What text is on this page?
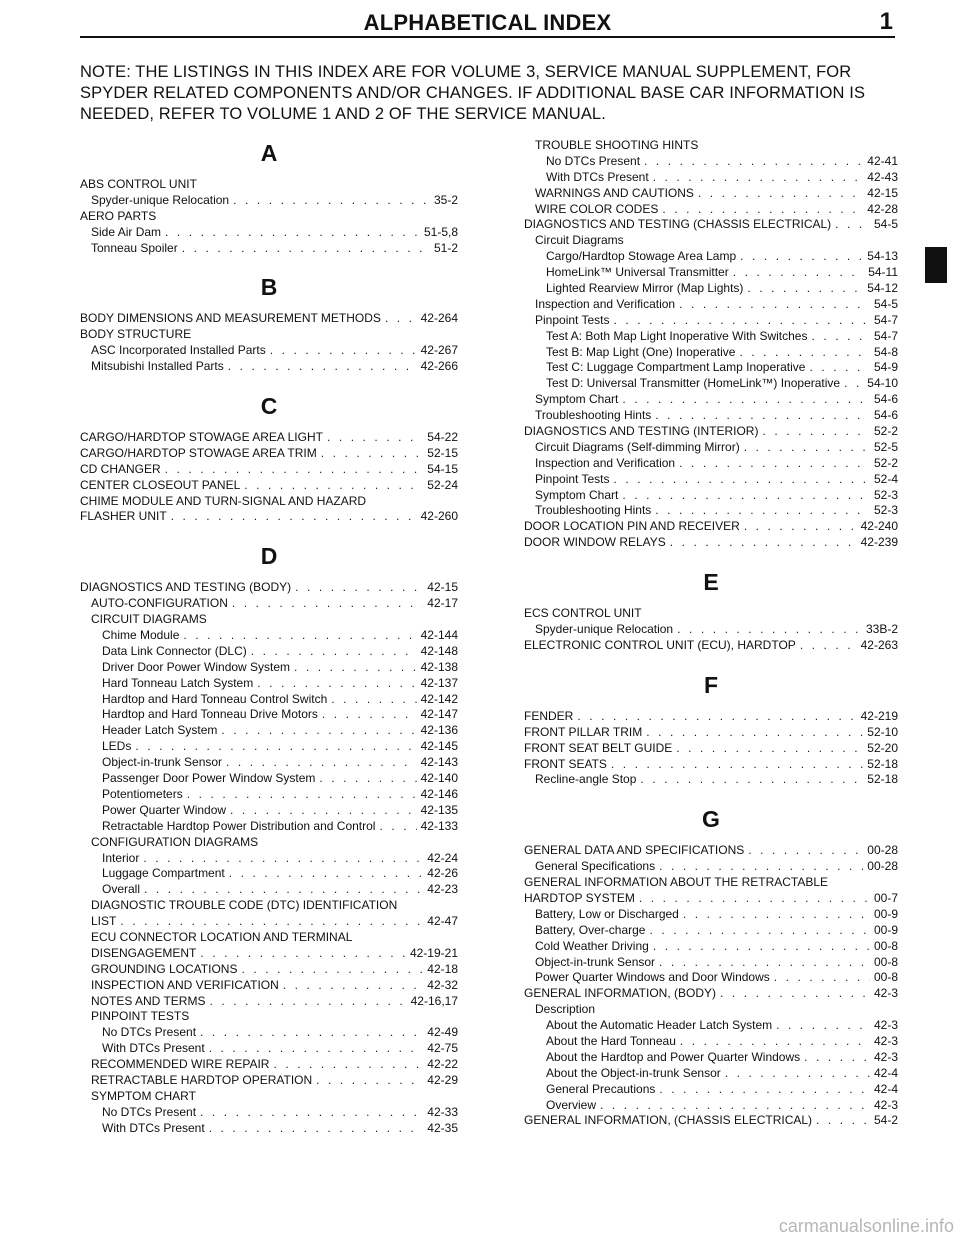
ALPHABETICAL INDEX	1
NOTE: THE LISTINGS IN THIS INDEX ARE FOR VOLUME 3, SERVICE MANUAL SUPPLEMENT, FOR SPYDER RELATED COMPONENTS AND/OR CHANGES. IF ADDITIONAL BASE CAR INFORMATION IS NEEDED, REFER TO VOLUME 1 AND 2 OF THE SERVICE MANUAL.
A
ABS CONTROL UNIT
Spyder-unique Relocation . . .	35-2
AERO PARTS
Side Air Dam . . .	51-5,8
Tonneau Spoiler . . .	51-2
B
BODY DIMENSIONS AND MEASUREMENT METHODS . . .	42-264
BODY STRUCTURE
ASC Incorporated Installed Parts . . .	42-267
Mitsubishi Installed Parts . . .	42-266
C
CARGO/HARDTOP STOWAGE AREA LIGHT . . .	54-22
CARGO/HARDTOP STOWAGE AREA TRIM . . .	52-15
CD CHANGER . . .	54-15
CENTER CLOSEOUT PANEL . . .	52-24
CHIME MODULE AND TURN-SIGNAL AND HAZARD
FLASHER UNIT . . .	42-260
D
DIAGNOSTICS AND TESTING (BODY) . . .	42-15
AUTO-CONFIGURATION . . .	42-17
CIRCUIT DIAGRAMS
Chime Module . . .	42-144
Data Link Connector (DLC) . . .	42-148
Driver Door Power Window System . . .	42-138
Hard Tonneau Latch System . . .	42-137
Hardtop and Hard Tonneau Control Switch . . .	42-142
Hardtop and Hard Tonneau Drive Motors . . .	42-147
Header Latch System . . .	42-136
LEDs . . .	42-145
Object-in-trunk Sensor . . .	42-143
Passenger Door Power Window System . . .	42-140
Potentiometers . . .	42-146
Power Quarter Window . . .	42-135
Retractable Hardtop Power Distribution and Control . . .	42-133
CONFIGURATION DIAGRAMS
Interior . . .	42-24
Luggage Compartment . . .	42-26
Overall . . .	42-23
DIAGNOSTIC TROUBLE CODE (DTC) IDENTIFICATION
LIST . . .	42-47
ECU CONNECTOR LOCATION AND TERMINAL
DISENGAGEMENT . . .	42-19-21
GROUNDING LOCATIONS . . .	42-18
INSPECTION AND VERIFICATION . . .	42-32
NOTES AND TERMS . . .	42-16,17
PINPOINT TESTS
No DTCs Present . . .	42-49
With DTCs Present . . .	42-75
RECOMMENDED WIRE REPAIR . . .	42-22
RETRACTABLE HARDTOP OPERATION . . .	42-29
SYMPTOM CHART
No DTCs Present . . .	42-33
With DTCs Present . . .	42-35
TROUBLE SHOOTING HINTS
No DTCs Present . . .	42-41
With DTCs Present . . .	42-43
WARNINGS AND CAUTIONS . . .	42-15
WIRE COLOR CODES . . .	42-28
DIAGNOSTICS AND TESTING (CHASSIS ELECTRICAL) . . .	54-5
Circuit Diagrams
Cargo/Hardtop Stowage Area Lamp . . .	54-13
HomeLink™ Universal Transmitter . . .	54-11
Lighted Rearview Mirror (Map Lights) . . .	54-12
Inspection and Verification . . .	54-5
Pinpoint Tests . . .	54-7
Test A: Both Map Light Inoperative With Switches . . .	54-7
Test B: Map Light (One) Inoperative . . .	54-8
Test C: Luggage Compartment Lamp Inoperative . . .	54-9
Test D: Universal Transmitter (HomeLink™) Inoperative . . . 54-10
Symptom Chart . . .	54-6
Troubleshooting Hints . . .	54-6
DIAGNOSTICS AND TESTING (INTERIOR) . . .	52-2
Circuit Diagrams (Self-dimming Mirror) . . .	52-5
Inspection and Verification . . .	52-2
Pinpoint Tests . . .	52-4
Symptom Chart . . .	52-3
Troubleshooting Hints . . .	52-3
DOOR LOCATION PIN AND RECEIVER . . .	42-240
DOOR WINDOW RELAYS . . .	42-239
E
ECS CONTROL UNIT
Spyder-unique Relocation . . .	33B-2
ELECTRONIC CONTROL UNIT (ECU), HARDTOP . . .	42-263
F
FENDER . . .	42-219
FRONT PILLAR TRIM . . .	52-10
FRONT SEAT BELT GUIDE . . .	52-20
FRONT SEATS . . .	52-18
Recline-angle Stop . . .	52-18
G
GENERAL DATA AND SPECIFICATIONS . . .	00-28
General Specifications . . .	00-28
GENERAL INFORMATION ABOUT THE RETRACTABLE
HARDTOP SYSTEM . . .	00-7
Battery, Low or Discharged . . .	00-9
Battery, Over-charge . . .	00-9
Cold Weather Driving . . .	00-8
Object-in-trunk Sensor . . .	00-8
Power Quarter Windows and Door Windows . . .	00-8
GENERAL INFORMATION, (BODY) . . .	42-3
Description
About the Automatic Header Latch System . . .	42-3
About the Hard Tonneau . . .	42-3
About the Hardtop and Power Quarter Windows . . .	42-3
About the Object-in-trunk Sensor . . .	42-4
General Precautions . . .	42-4
Overview . . .	42-3
GENERAL INFORMATION, (CHASSIS ELECTRICAL) . . .	54-2
carmanualsonline.info
